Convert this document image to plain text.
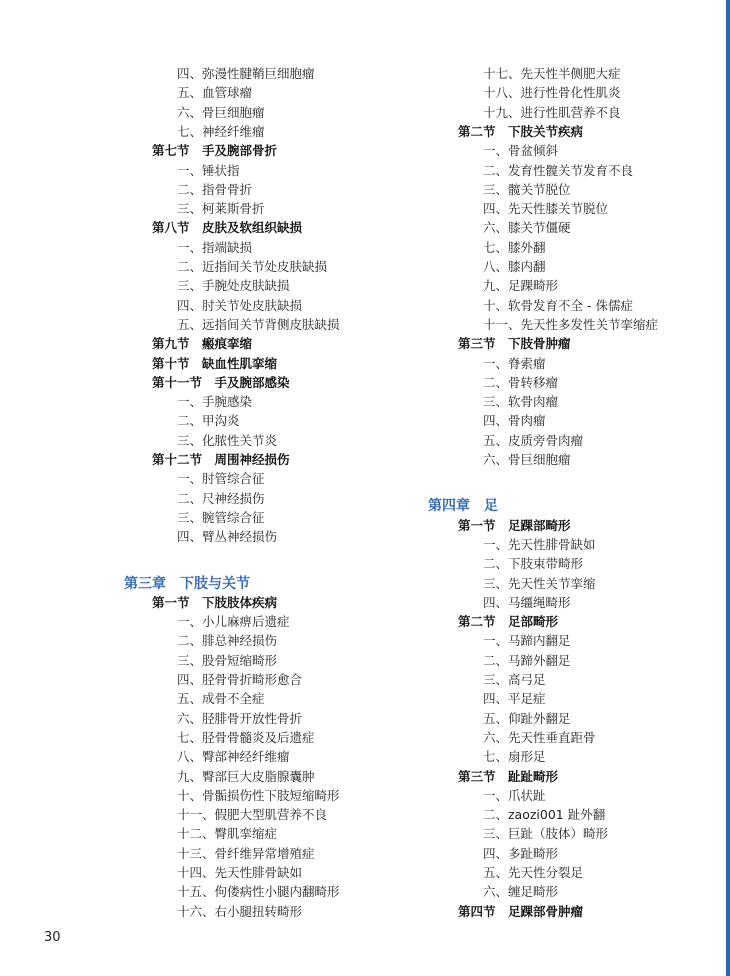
四、弥漫性腱鞘巨细胞瘤
五、血管球瘤
六、骨巨细胞瘤
七、神经纤维瘤
第七节　手及腕部骨折
一、锤状指
二、指骨骨折
三、柯莱斯骨折
第八节　皮肤及软组织缺损
一、指端缺损
二、近指间关节处皮肤缺损
三、手腕处皮肤缺损
四、肘关节处皮肤缺损
五、远指间关节背侧皮肤缺损
第九节　瘢痕挛缩
第十节　缺血性肌挛缩
第十一节　手及腕部感染
一、手腕感染
二、甲沟炎
三、化脓性关节炎
第十二节　周围神经损伤
一、肘管综合征
二、尺神经损伤
三、腕管综合征
四、臂丛神经损伤
第三章　下肢与关节
第一节　下肢肢体疾病
一、小儿麻痹后遗症
二、腓总神经损伤
三、股骨短缩畸形
四、胫骨骨折畸形愈合
五、成骨不全症
六、胫腓骨开放性骨折
七、胫骨骨髓炎及后遗症
八、臀部神经纤维瘤
九、臀部巨大皮脂腺囊肿
十、骨骺损伤性下肢短缩畸形
十一、假肥大型肌营养不良
十二、臀肌挛缩症
十三、骨纤维异常增殖症
十四、先天性腓骨缺如
十五、佝偻病性小腿内翻畸形
十六、右小腿扭转畸形
十七、先天性半侧肥大症
十八、进行性骨化性肌炎
十九、进行性肌营养不良
第二节　下肢关节疾病
一、骨盆倾斜
二、发育性髋关节发育不良
三、髋关节脱位
四、先天性膝关节脱位
六、膝关节僵硬
七、膝外翻
八、膝内翻
九、足踝畸形
十、软骨发育不全 - 侏儒症
十一、先天性多发性关节挛缩症
第三节　下肢骨肿瘤
一、脊索瘤
二、骨转移瘤
三、软骨肉瘤
四、骨肉瘤
五、皮质旁骨肉瘤
六、骨巨细胞瘤
第四章　足
第一节　足踝部畸形
一、先天性腓骨缺如
二、下肢束带畸形
三、先天性关节挛缩
四、马缰绳畸形
第二节　足部畸形
一、马蹄内翻足
二、马蹄外翻足
三、高弓足
四、平足症
五、仰趾外翻足
六、先天性垂直距骨
七、扇形足
第三节　趾趾畸形
一、爪状趾
二、zaozi001 趾外翻
三、巨趾（肢体）畸形
四、多趾畸形
五、先天性分裂足
六、缠足畸形
第四节　足踝部骨肿瘤
30
